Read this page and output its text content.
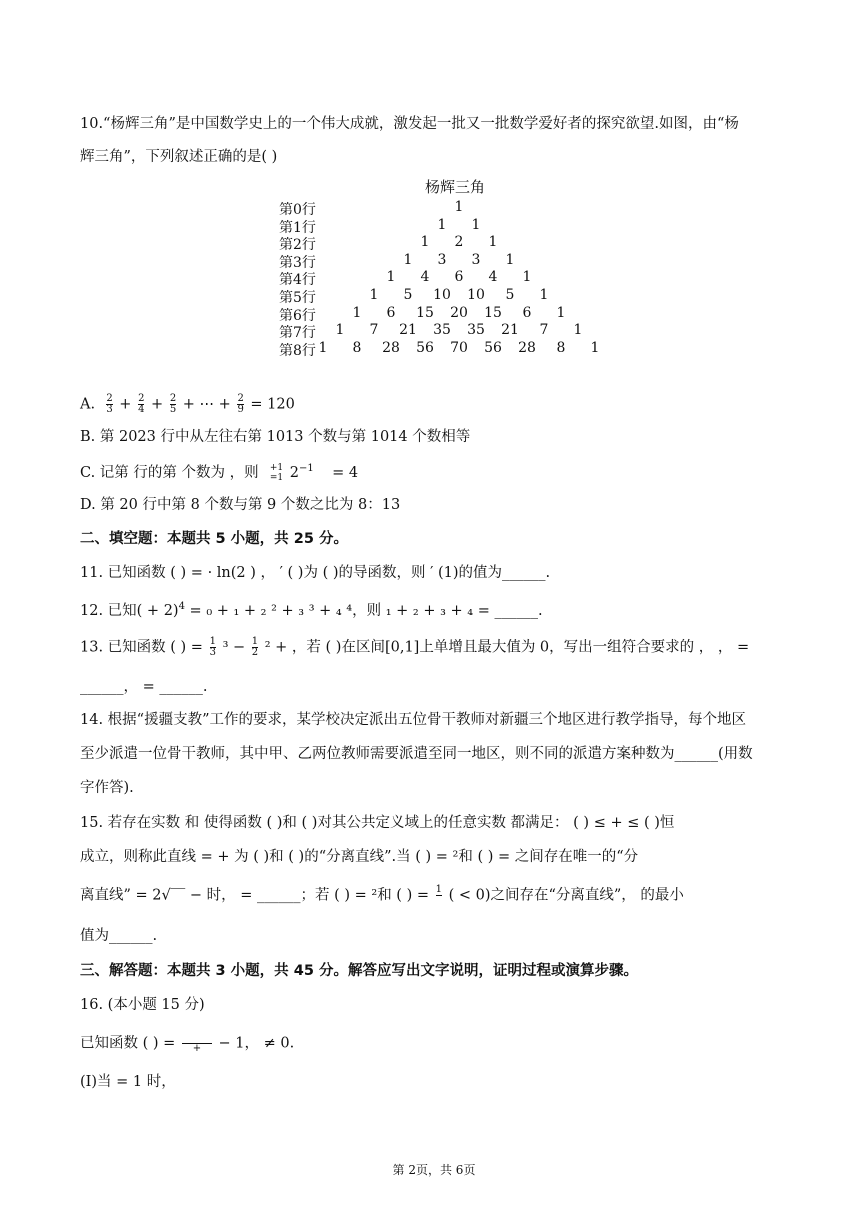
10.“杨辉三角”是中国数学史上的一个伟大成就，激发起一批又一批数学爱好者的探究欲望.如图，由“杨
辉三角”，下列叙述正确的是( )
杨辉三角
第0行	1
第1行	1 1
第2行	1 2 1
第3行	1 3 3 1
第4行	1 4 6 4 1
第5行	1 5 10 10 5 1
第6行	1 6 15 20 15 6 1
第7行 1 7 21 35 35 21 7 1
第8行 1 8 28 56 70 56 28 8 1
A. $\frac{2}{3} + \frac{2}{4} + \frac{2}{5}$ + ⋯ + $\frac{2}{9} = 120$
B. 第 2023 行中从左往右第 1013 个数与第 1014 个数相等
C. 记第 行的第 个数为 ，则 +1
=1 $2^{-1} = 4$
D. 第 20 行中第 8 个数与第 9 个数之比为 8：13
二、填空题：本题共 5 小题，共 25 分。
11. 已知函数 ( ) = · ln(2 ) ， ′ ( )为 ( )的导函数，则 ′ (1)的值为______.
12. 已知( + 2)$^4$ = ₀ + ₁ + ₂ ² + ₃ ³ + ₄ ⁴，则 ₁ + ₂ + ₃ + ₄ = ______.
13. 已知函数 ( ) = $\frac{1}{3} ^3 - \frac{1}{2} ^2$ + ，若 ( )在区间[0,1]上单增且最大值为 0，写出一组符合要求的 ， ， =
______， = ______.
14. 根据“援疆支教”工作的要求，某学校决定派出五位骨干教师对新疆三个地区进行教学指导，每个地区
至少派遣一位骨干教师，其中甲、乙两位教师需要派遣至同一地区，则不同的派遣方案种数为______(用数
字作答).
15. 若存在实数 和 使得函数 ( )和 ( )对其公共定义域上的任意实数 都满足： ( ) ≤ + ≤ ( )恒
成立，则称此直线 = + 为 ( )和 ( )的“分离直线”.当 ( ) = ²和 ( ) = 之间存在唯一的“分
离直线” = 2√‾‾ − 时， = ______；若 ( ) = ²和 ( ) = 1
( < 0)之间存在“分离直线”， 的最小
值为______.
三、解答题：本题共 3 小题，共 45 分。解答应写出文字说明，证明过程或演算步骤。
16. (本小题 15 分)
已知函数 ( ) =
	+	− 1， ≠ 0.
(I)当 = 1 时，
第 2页，共 6页
